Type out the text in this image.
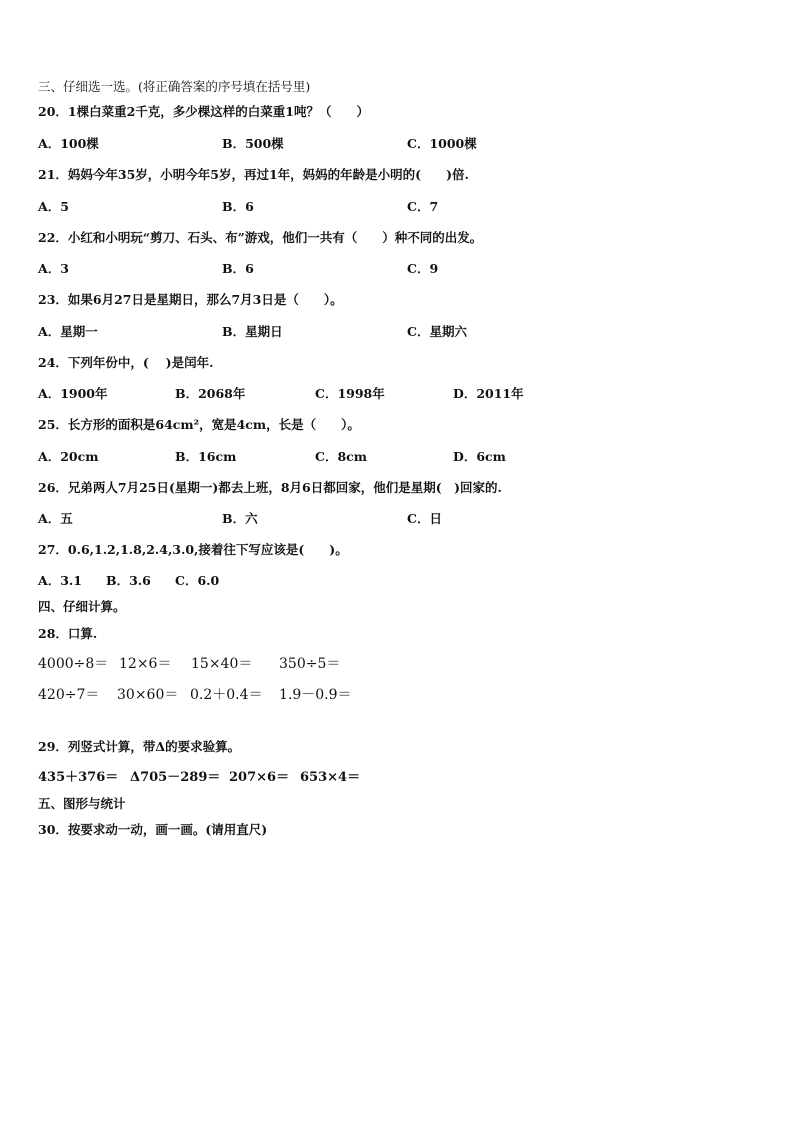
三、仔细选一选。(将正确答案的序号填在括号里)

20．1棵白菜重2千克，多少棵这样的白菜重1吨？（　　）

A．100棵	B．500棵	C．1000棵

21．妈妈今年35岁，小明今年5岁，再过1年，妈妈的年龄是小明的(　　)倍.

A．5	B．6	C．7

22．小红和小明玩“剪刀、石头、布”游戏，他们一共有（　　）种不同的出发。

A．3	B．6	C．9

23．如果6月27日是星期日，那么7月3日是（　　）。

A．星期一	B．星期日	C．星期六

24．下列年份中，(　 )是闰年.

A．1900年	B．2068年	C．1998年	D．2011年

25．长方形的面积是64cm²，宽是4cm，长是（　　）。

A．20cm	B．16cm	C．8cm	D．6cm

26．兄弟两人7月25日(星期一)都去上班，8月6日都回家，他们是星期(　)回家的.

A．五	B．六	C．日

27．0.6,1.2,1.8,2.4,3.0,接着往下写应该是(　　)。

A．3.1 B．3.6 C．6.0

四、仔细计算。

28．口算.

4000÷8＝ 12×6＝ 15×40＝ 350÷5＝

420÷7＝ 30×60＝ 0.2＋0.4＝ 1.9－0.9＝

29．列竖式计算，带Δ的要求验算。

435＋376＝ Δ705－289＝ 207×6＝ 653×4＝

五、图形与统计

30．按要求动一动，画一画。(请用直尺)
